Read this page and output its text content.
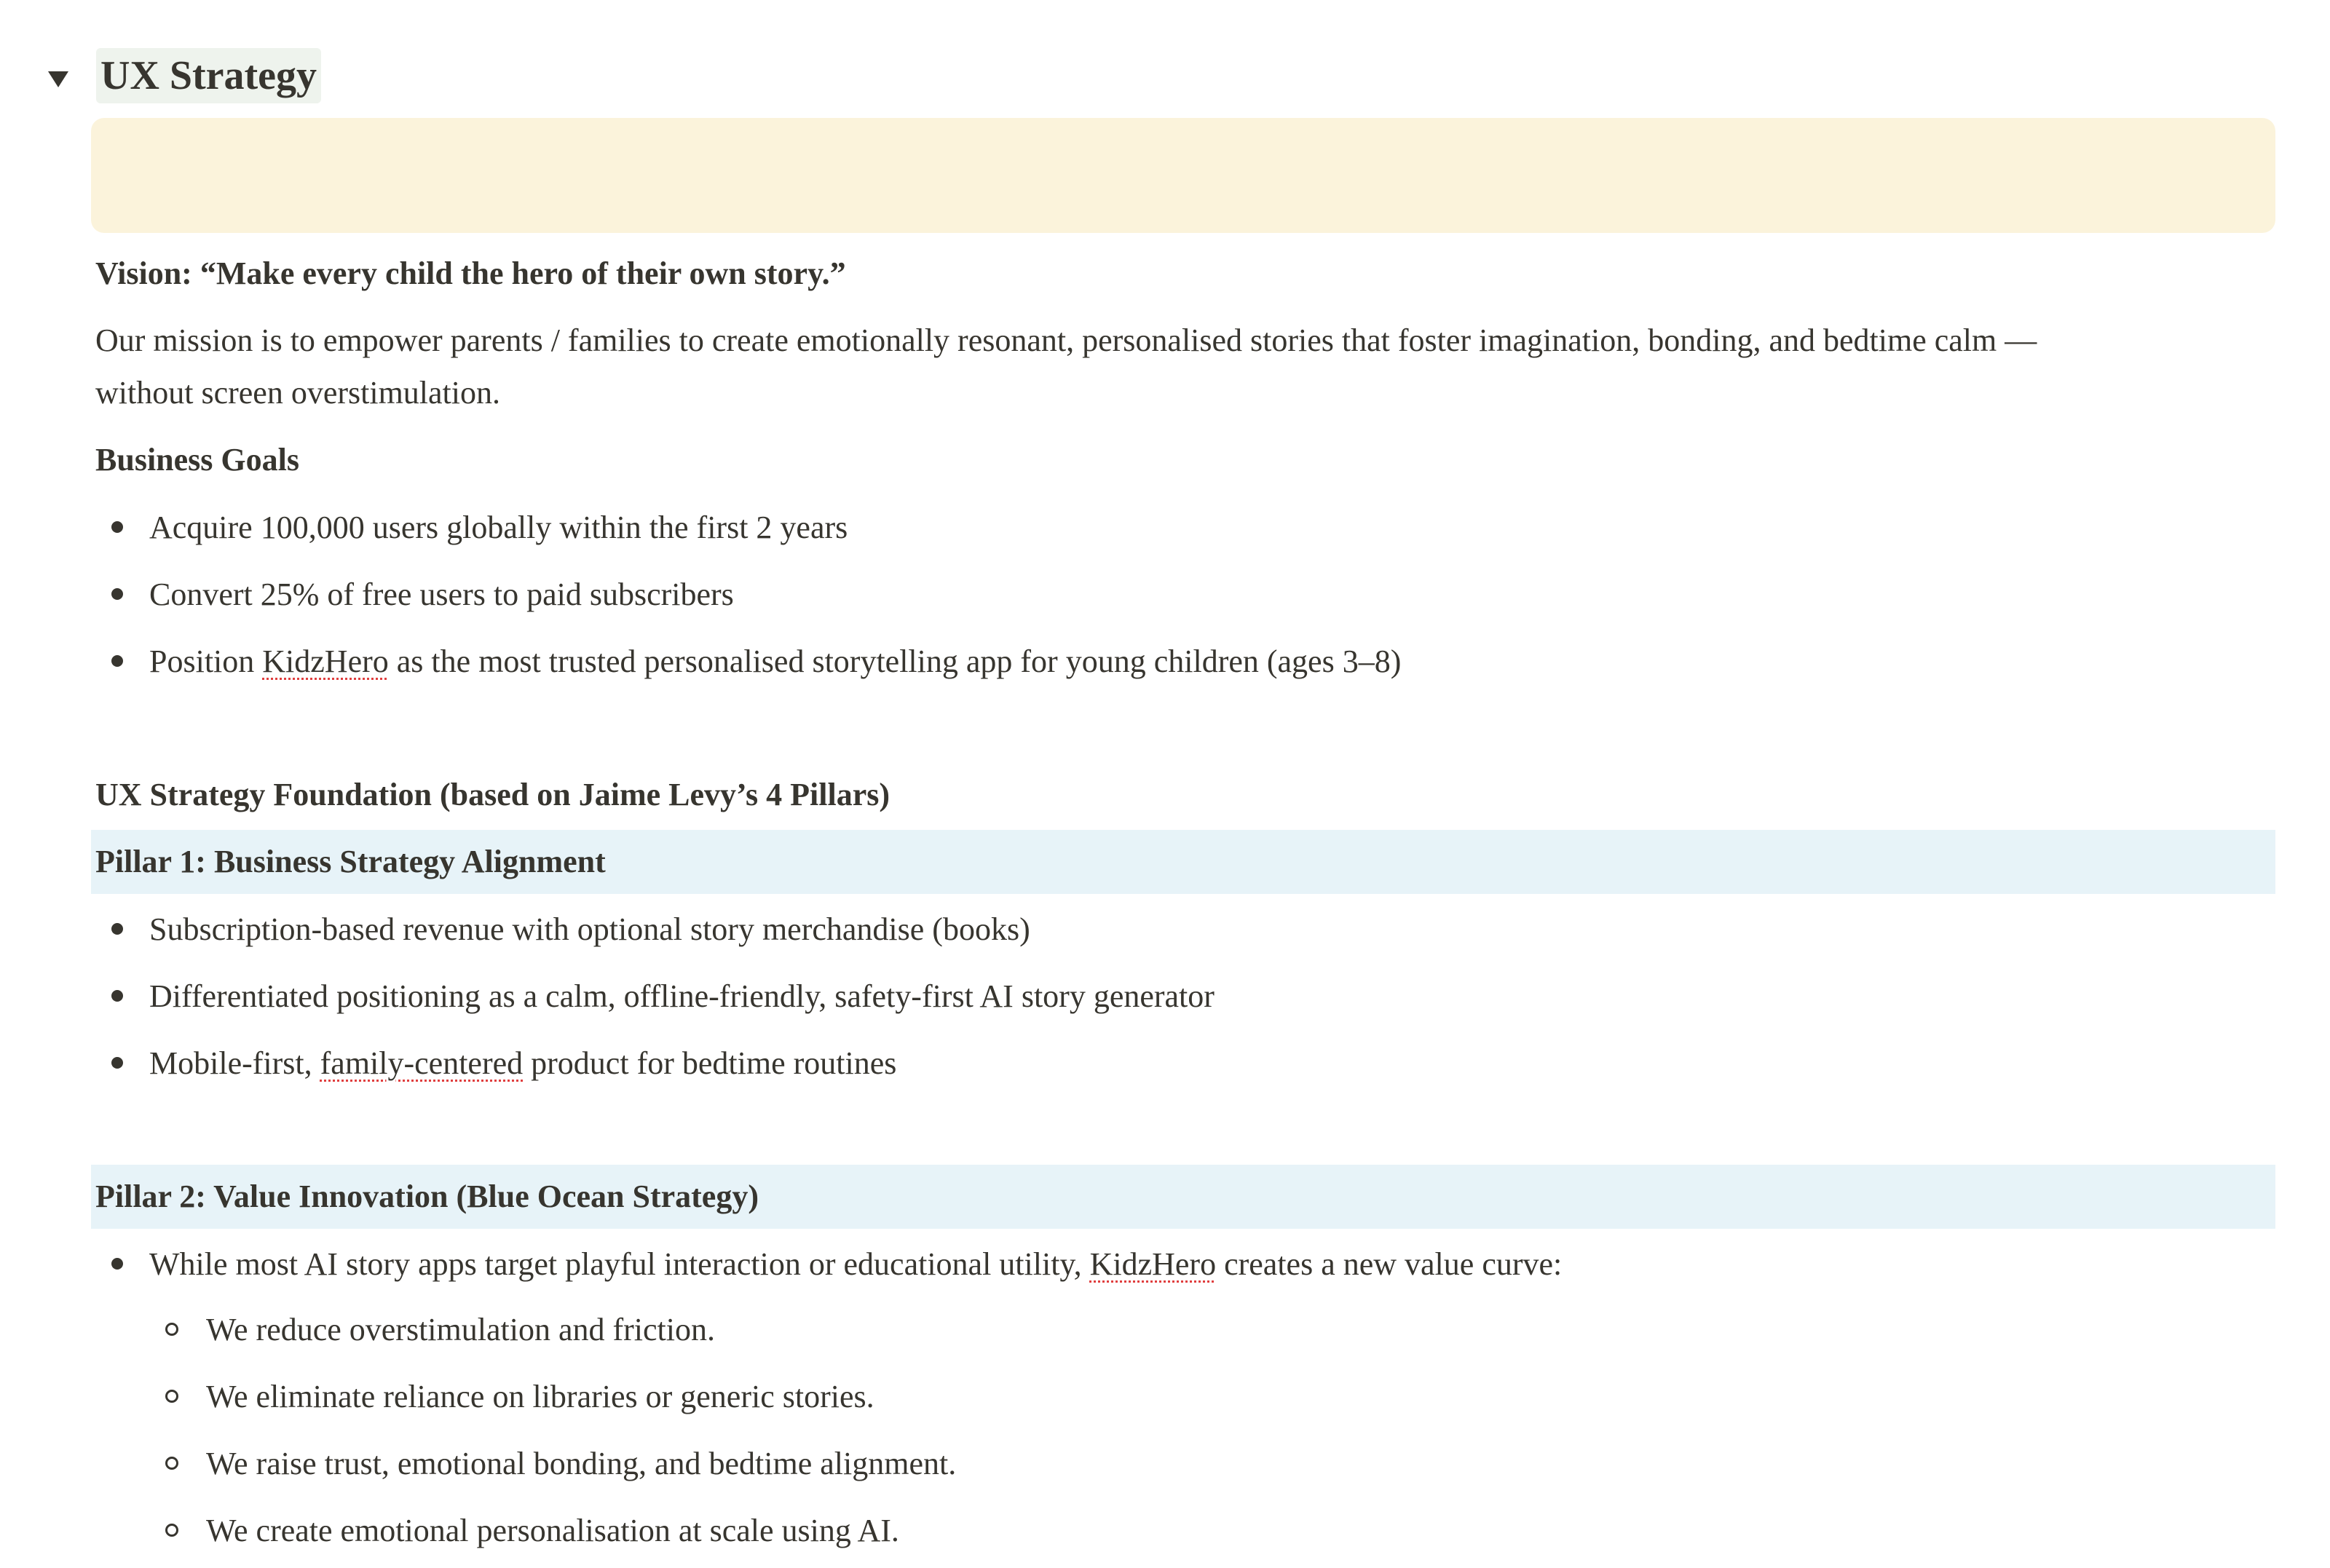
UX Strategy
Vision: “Make every child the hero of their own story.”
Our mission is to empower parents / families to create emotionally resonant, personalised stories that foster imagination, bonding, and bedtime calm —
without screen overstimulation.
Business Goals
Acquire 100,000 users globally within the first 2 years
Convert 25% of free users to paid subscribers
Position KidzHero as the most trusted personalised storytelling app for young children (ages 3–8)
UX Strategy Foundation (based on Jaime Levy’s 4 Pillars)
Pillar 1: Business Strategy Alignment
Subscription-based revenue with optional story merchandise (books)
Differentiated positioning as a calm, offline-friendly, safety-first AI story generator
Mobile-first, family-centered product for bedtime routines
Pillar 2: Value Innovation (Blue Ocean Strategy)
While most AI story apps target playful interaction or educational utility, KidzHero creates a new value curve:
We reduce overstimulation and friction.
We eliminate reliance on libraries or generic stories.
We raise trust, emotional bonding, and bedtime alignment.
We create emotional personalisation at scale using AI.
